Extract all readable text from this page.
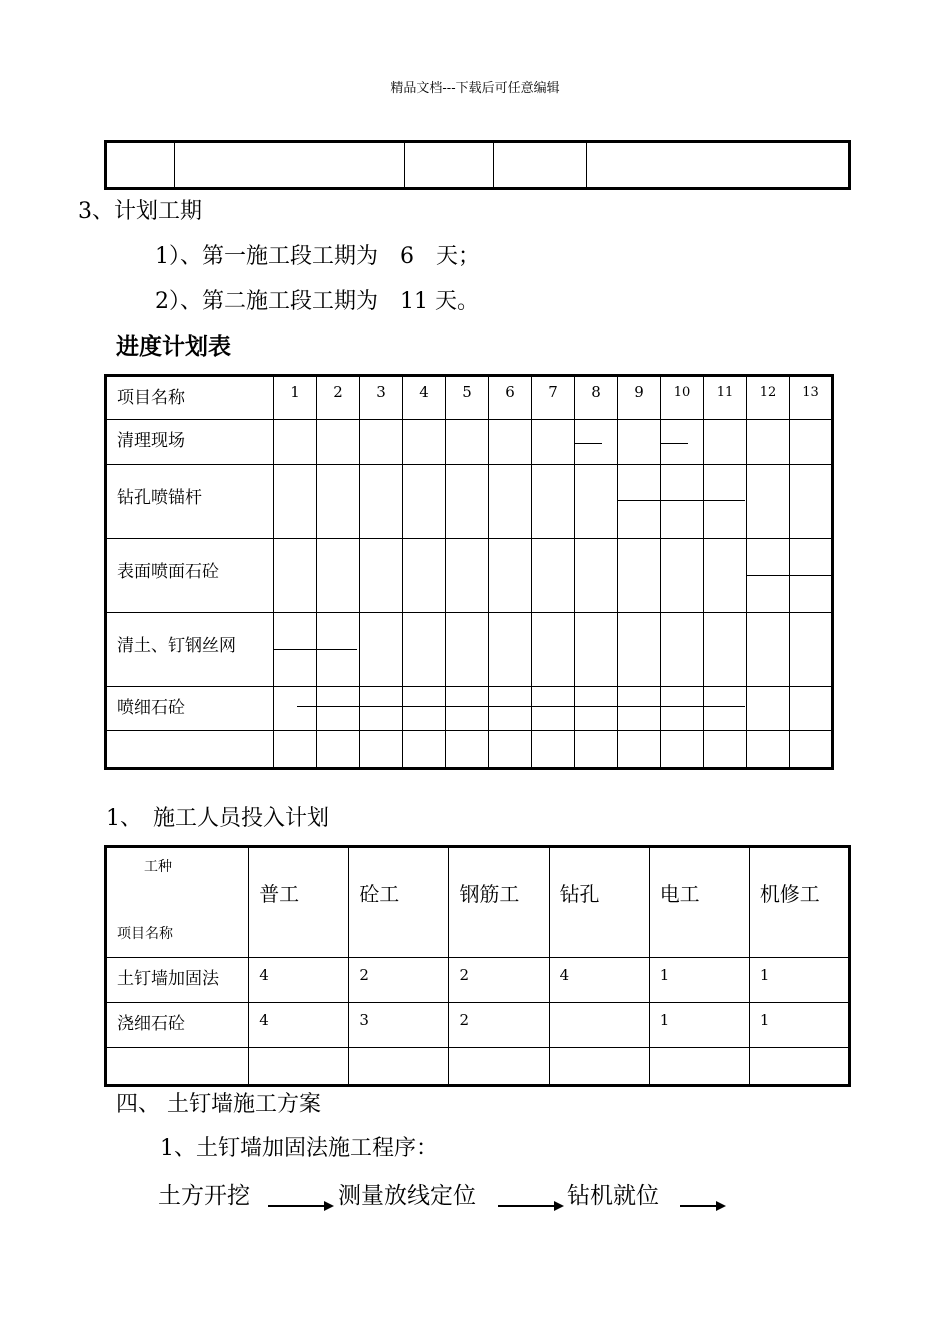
精品文档---下载后可任意编辑

3、计划工期
1）、第一施工段工期为　6　天；
2）、第二施工段工期为　11 天。
进度计划表
项目名称	1	2	3	4	5	6	7	8	9	10	11	12	13
清理现场													
钻孔喷锚杆													
表面喷面石砼													
清土、钉钢丝网													
喷细石砼													

1、　施工人员投入计划
工种
项目名称	普工	砼工	钢筋工	钻孔	电工	机修工
土钉墙加固法	4	2	2	4	1	1
浇细石砼	4	3	2		1	1

四、 土钉墙施工方案
1、土钉墙加固法施工程序：
土方开挖	测量放线定位	钻机就位
